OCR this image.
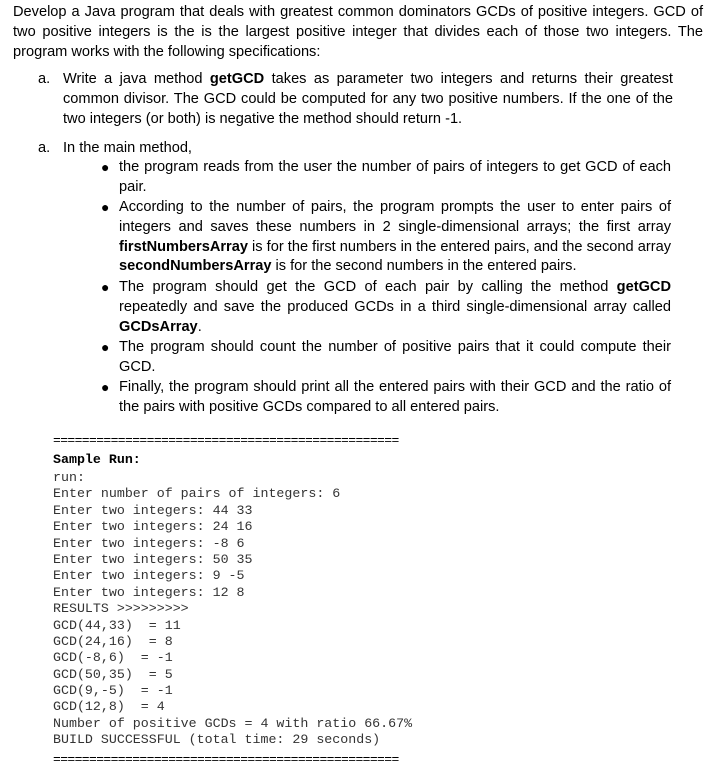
Develop a Java program that deals with greatest common dominators GCDs of positive integers. GCD of two positive integers is the is the largest positive integer that divides each of those two integers. The program works with the following specifications:
a. Write a java method getGCD takes as parameter two integers and returns their greatest common divisor. The GCD could be computed for any two positive numbers. If the one of the two integers (or both) is negative the method should return -1.
a. In the main method,
● the program reads from the user the number of pairs of integers to get GCD of each pair.
● According to the number of pairs, the program prompts the user to enter pairs of integers and saves these numbers in 2 single-dimensional arrays; the first array firstNumbersArray is for the first numbers in the entered pairs, and the second array secondNumbersArray is for the second numbers in the entered pairs.
● The program should get the GCD of each pair by calling the method getGCD repeatedly and save the produced GCDs in a third single-dimensional array called GCDsArray.
● The program should count the number of positive pairs that it could compute their GCD.
● Finally, the program should print all the entered pairs with their GCD and the ratio of the pairs with positive GCDs compared to all entered pairs.
================================================
Sample Run:
run:
Enter number of pairs of integers: 6
Enter two integers: 44 33
Enter two integers: 24 16
Enter two integers: -8 6
Enter two integers: 50 35
Enter two integers: 9 -5
Enter two integers: 12 8
RESULTS >>>>>>>>>
GCD(44,33)  = 11
GCD(24,16)  = 8
GCD(-8,6)  = -1
GCD(50,35)  = 5
GCD(9,-5)  = -1
GCD(12,8)  = 4
Number of positive GCDs = 4 with ratio 66.67%
BUILD SUCCESSFUL (total time: 29 seconds)
================================================
